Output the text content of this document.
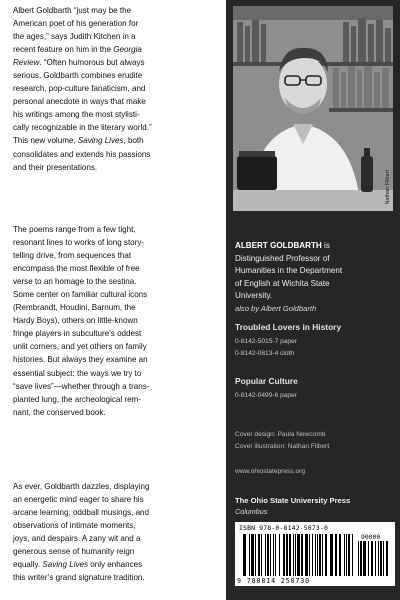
Albert Goldbarth “just may be the
American poet of his generation for
the ages,” says Judith Kitchen in a
recent feature on him in the Georgia
Review. “Often humorous but always
serious, Goldbarth combines erudite
research, pop-culture fanaticism, and
personal anecdote in ways that make
his writings among the most stylisti-
cally recognizable in the literary world.”
This new volume, Saving Lives, both
consolidates and extends his passions
and their presentations.
The poems range from a few tight,
resonant lines to works of long story-
telling drive, from sequences that
encompass the most flexible of free
verse to an homage to the sestina.
Some center on familiar cultural icons
(Rembrandt, Houdini, Barnum, the
Hardy Boys), others on little-known
fringe players in subculture’s oddest
unlit corners, and yet others on family
histories. But always they examine an
essential subject: the ways we try to
“save lives”—whether through a trans-
planted lung, the archeological rem-
nant, the conserved book.
As ever, Goldbarth dazzles, displaying
an energetic mind eager to share his
arcane learning, oddball musings, and
observations of intimate moments,
joys, and despairs. A zany wit and a
generous sense of humanity reign
equally. Saving Lives only enhances
this writer’s grand signature tradition.
Nathan Filbert
ALBERT GOLDBARTH is
Distinguished Professor of
Humanities in the Department
of English at Wichita State
University.
also by Albert Goldbarth
Troubled Lovers in History
0-8142-5015-7 paper
0-8142-0813-4 cloth
Popular Culture
0-8142-0499-6 paper
Cover design: Paula Newcomb
Cover illustration: Nathan Filbert
www.ohiostatepress.org
The Ohio State University Press
Columbus
ISBN 978-0-8142-5073-0
90000
9 780814 250730
